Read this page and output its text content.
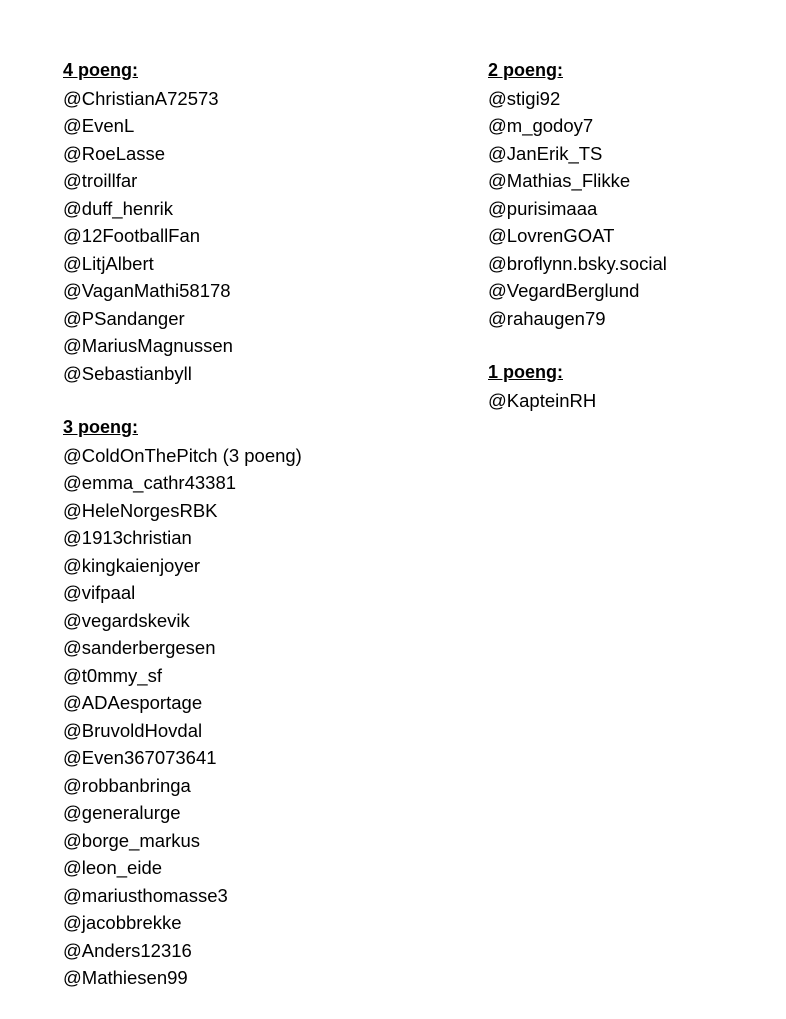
4 poeng:
@ChristianA72573
@EvenL
@RoeLasse
@troillfar
@duff_henrik
@12FootballFan
@LitjAlbert
@VaganMathi58178
@PSandanger
@MariusMagnussen
@Sebastianbyll
3 poeng:
@ColdOnThePitch (3 poeng)
@emma_cathr43381
@HeleNorgesRBK
@1913christian
@kingkaienjoyer
@vifpaal
@vegardskevik
@sanderbergesen
@t0mmy_sf
@ADAesportage
@BruvoldHovdal
@Even367073641
@robbanbringa
@generalurge
@borge_markus
@leon_eide
@mariusthomasse3
@jacobbrekke
@Anders12316
@Mathiesen99
2 poeng:
@stigi92
@m_godoy7
@JanErik_TS
@Mathias_Flikke
@purisimaaa
@LovrenGOAT
@broflynn.bsky.social
@VegardBerglund
@rahaugen79
1 poeng:
@KapteinRH
